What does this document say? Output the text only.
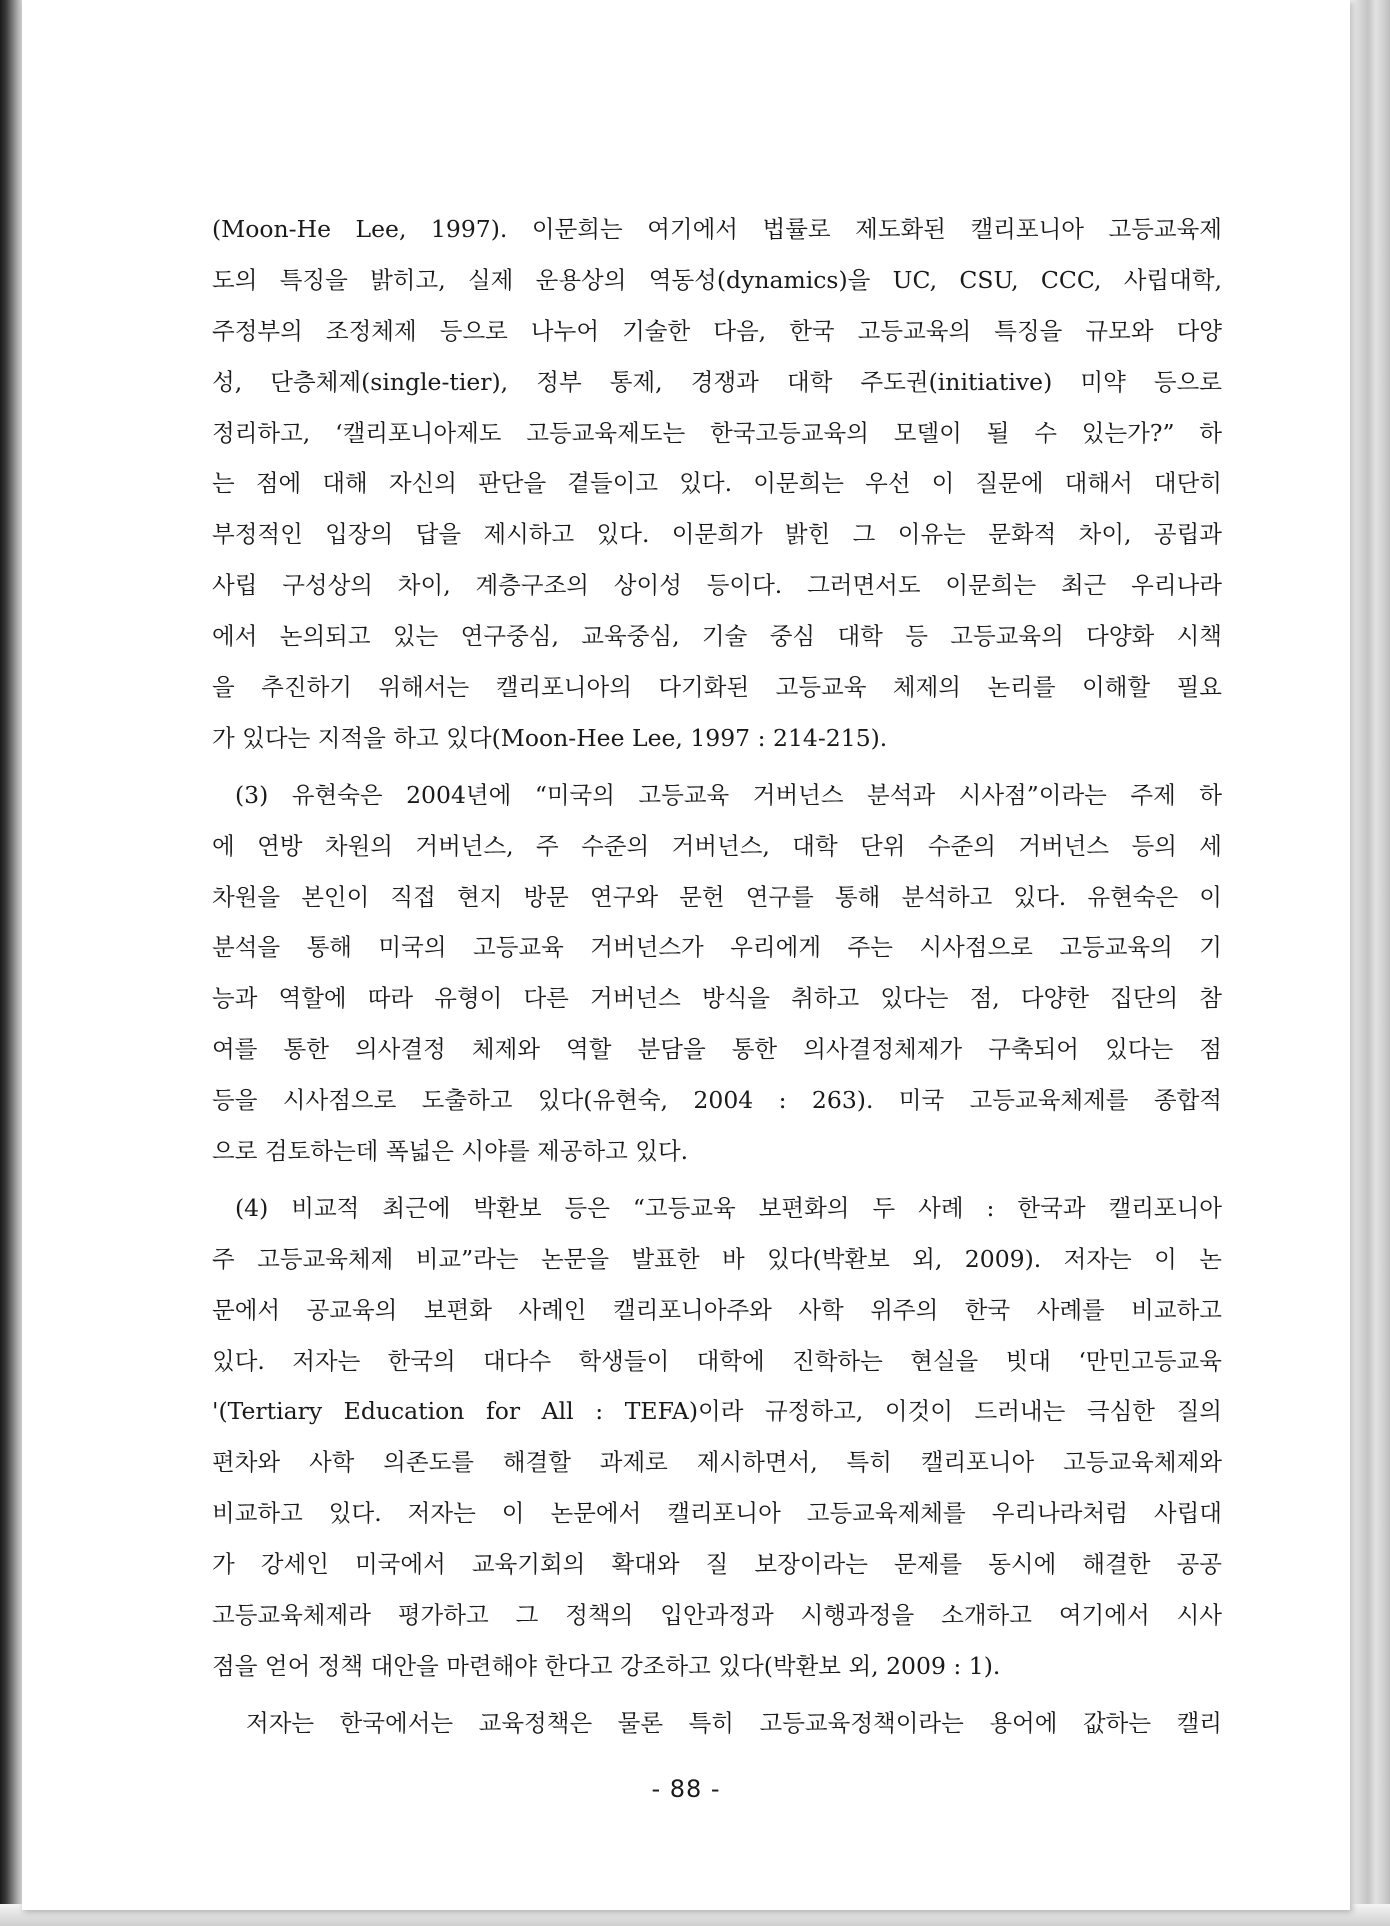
(Moon-He Lee, 1997). 이문희는 여기에서 법률로 제도화된 캘리포니아 고등교육제
도의 특징을 밝히고, 실제 운용상의 역동성(dynamics)을 UC, CSU, CCC, 사립대학,
주정부의 조정체제 등으로 나누어 기술한 다음, 한국 고등교육의 특징을 규모와 다양
성, 단층체제(single-tier), 정부 통제, 경쟁과 대학 주도권(initiative) 미약 등으로
정리하고, ‘캘리포니아제도 고등교육제도는 한국고등교육의 모델이 될 수 있는가?” 하
는 점에 대해 자신의 판단을 곁들이고 있다. 이문희는 우선 이 질문에 대해서 대단히
부정적인 입장의 답을 제시하고 있다. 이문희가 밝힌 그 이유는 문화적 차이, 공립과
사립 구성상의 차이, 계층구조의 상이성 등이다. 그러면서도 이문희는 최근 우리나라
에서 논의되고 있는 연구중심, 교육중심, 기술 중심 대학 등 고등교육의 다양화 시책
을 추진하기 위해서는 캘리포니아의 다기화된 고등교육 체제의 논리를 이해할 필요
가 있다는 지적을 하고 있다(Moon-Hee Lee, 1997 : 214-215).
(3) 유현숙은 2004년에 “미국의 고등교육 거버넌스 분석과 시사점”이라는 주제 하
에 연방 차원의 거버넌스, 주 수준의 거버넌스, 대학 단위 수준의 거버넌스 등의 세
차원을 본인이 직접 현지 방문 연구와 문헌 연구를 통해 분석하고 있다. 유현숙은 이
분석을 통해 미국의 고등교육 거버넌스가 우리에게 주는 시사점으로 고등교육의 기
능과 역할에 따라 유형이 다른 거버넌스 방식을 취하고 있다는 점, 다양한 집단의 참
여를 통한 의사결정 체제와 역할 분담을 통한 의사결정체제가 구축되어 있다는 점
등을 시사점으로 도출하고 있다(유현숙, 2004 : 263). 미국 고등교육체제를 종합적
으로 검토하는데 폭넓은 시야를 제공하고 있다.
(4) 비교적 최근에 박환보 등은 “고등교육 보편화의 두 사례 : 한국과 캘리포니아
주 고등교육체제 비교”라는 논문을 발표한 바 있다(박환보 외, 2009). 저자는 이 논
문에서 공교육의 보편화 사례인 캘리포니아주와 사학 위주의 한국 사례를 비교하고
있다. 저자는 한국의 대다수 학생들이 대학에 진학하는 현실을 빗대 ‘만민고등교육
'(Tertiary Education for All : TEFA)이라 규정하고, 이것이 드러내는 극심한 질의
편차와 사학 의존도를 해결할 과제로 제시하면서, 특히 캘리포니아 고등교육체제와
비교하고 있다. 저자는 이 논문에서 캘리포니아 고등교육제체를 우리나라처럼 사립대
가 강세인 미국에서 교육기회의 확대와 질 보장이라는 문제를 동시에 해결한 공공
고등교육체제라 평가하고 그 정책의 입안과정과 시행과정을 소개하고 여기에서 시사
점을 얻어 정책 대안을 마련해야 한다고 강조하고 있다(박환보 외, 2009 : 1).
저자는 한국에서는 교육정책은 물론 특히 고등교육정책이라는 용어에 값하는 캘리
- 88 -
